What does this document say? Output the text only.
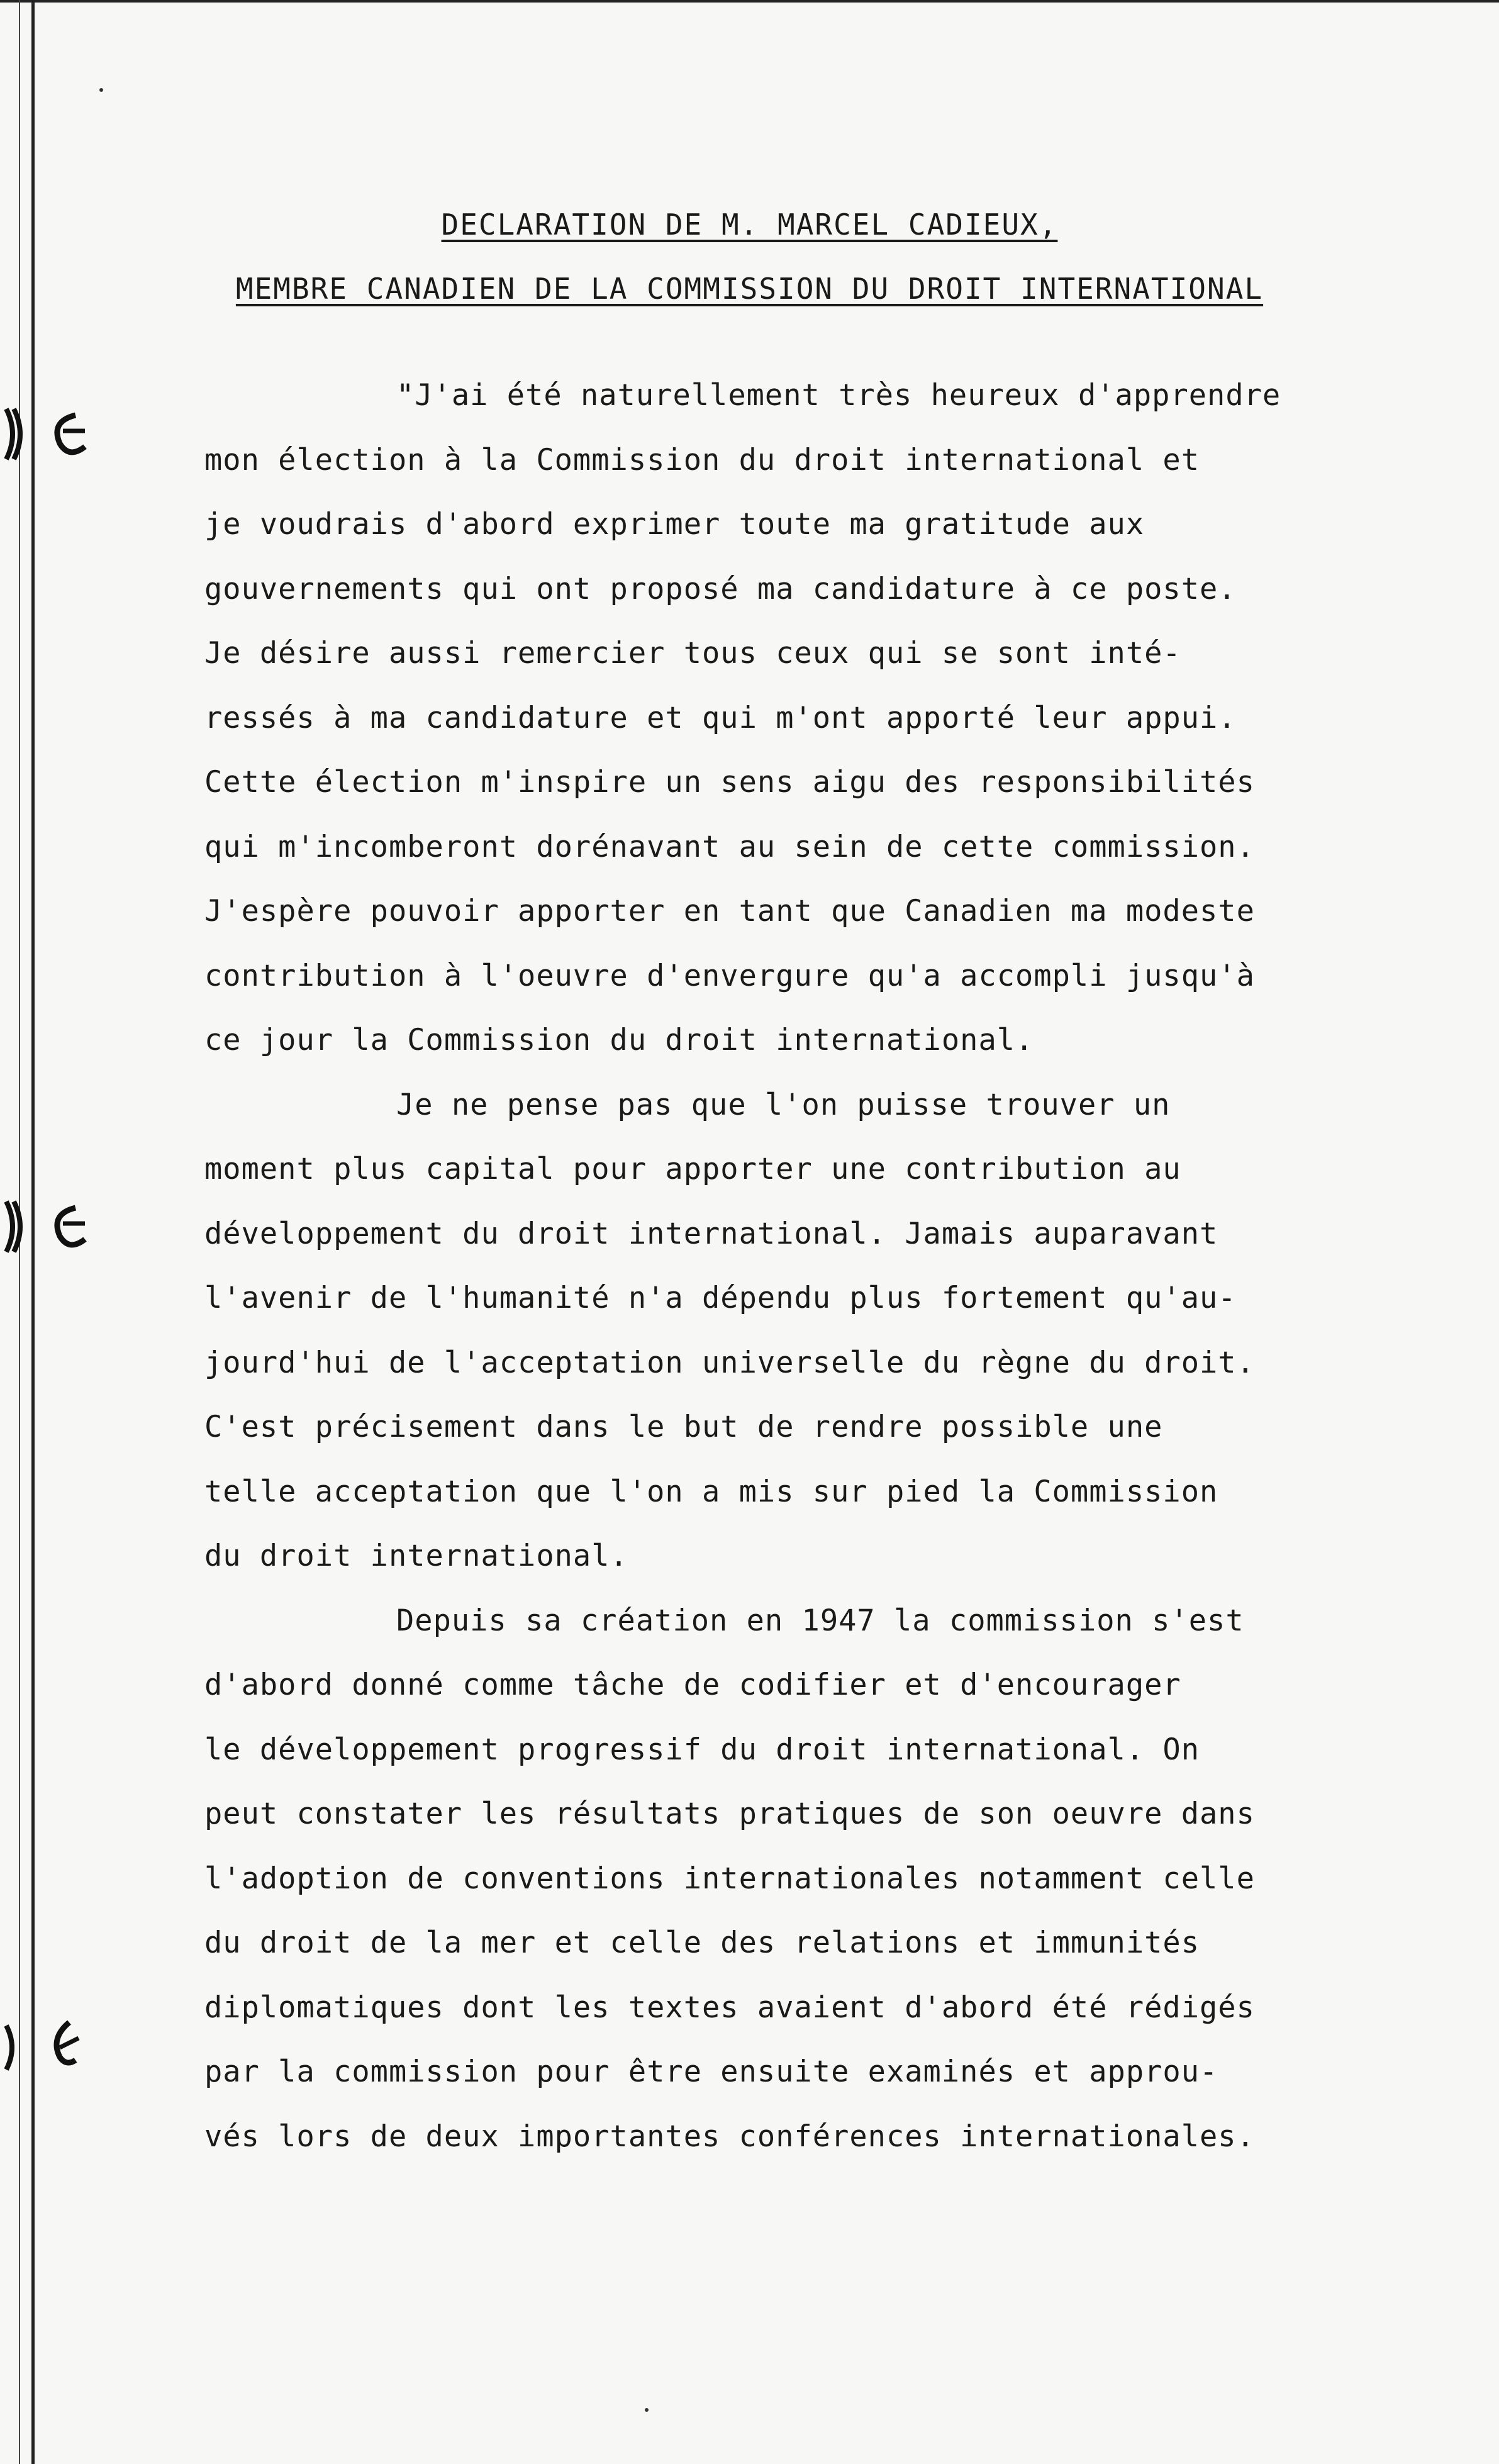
DECLARATION DE M. MARCEL CADIEUX,
MEMBRE CANADIEN DE LA COMMISSION DU DROIT INTERNATIONAL
"J'ai été naturellement très heureux d'apprendre
mon élection à la Commission du droit international et
je voudrais d'abord exprimer toute ma gratitude aux
gouvernements qui ont proposé ma candidature à ce poste.
Je désire aussi remercier tous ceux qui se sont inté-
ressés à ma candidature et qui m'ont apporté leur appui.
Cette élection m'inspire un sens aigu des responsibilités
qui m'incomberont dorénavant au sein de cette commission.
J'espère pouvoir apporter en tant que Canadien ma modeste
contribution à l'oeuvre d'envergure qu'a accompli jusqu'à
ce jour la Commission du droit international.
Je ne pense pas que l'on puisse trouver un
moment plus capital pour apporter une contribution au
développement du droit international. Jamais auparavant
l'avenir de l'humanité n'a dépendu plus fortement qu'au-
jourd'hui de l'acceptation universelle du règne du droit.
C'est précisement dans le but de rendre possible une
telle acceptation que l'on a mis sur pied la Commission
du droit international.
Depuis sa création en 1947 la commission s'est
d'abord donné comme tâche de codifier et d'encourager
le développement progressif du droit international. On
peut constater les résultats pratiques de son oeuvre dans
l'adoption de conventions internationales notamment celle
du droit de la mer et celle des relations et immunités
diplomatiques dont les textes avaient d'abord été rédigés
par la commission pour être ensuite examinés et approu-
vés lors de deux importantes conférences internationales.
